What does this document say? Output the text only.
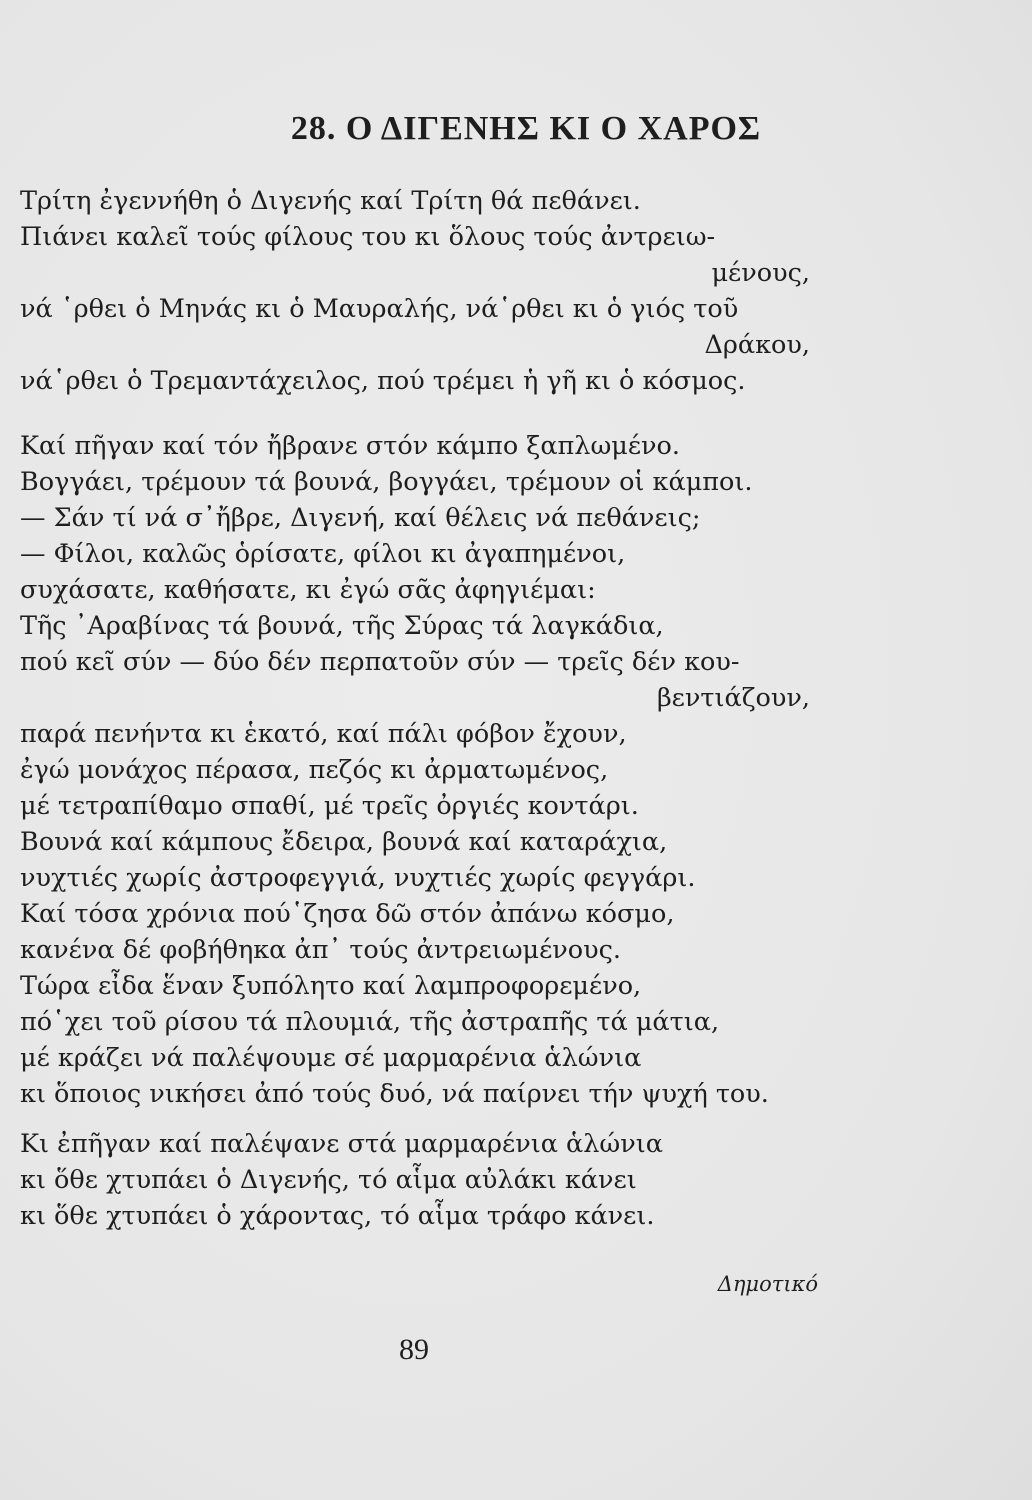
28. Ο ΔΙΓΕΝΗΣ ΚΙ Ο ΧΑΡΟΣ
Τρίτη ἐγεννήθη ὁ Διγενής καί Τρίτη θά πεθάνει.
Πιάνει καλεῖ τούς φίλους του κι ὅλους τούς ἀντρειω-
μένους,
νά ῾ρθει ὁ Μηνάς κι ὁ Μαυραλής, νά῾ρθει κι ὁ γιός τοῦ
Δράκου,
νά῾ρθει ὁ Τρεμαντάχειλος, πού τρέμει ἡ γῆ κι ὁ κόσμος.
Καί πῆγαν καί τόν ἤβρανε στόν κάμπο ξαπλωμένο.
Βογγάει, τρέμουν τά βουνά, βογγάει, τρέμουν οἱ κάμποι.
— Σάν τί νά σ᾿ἤβρε, Διγενή, καί θέλεις νά πεθάνεις;
— Φίλοι, καλῶς ὁρίσατε, φίλοι κι ἀγαπημένοι,
συχάσατε, καθήσατε, κι ἐγώ σᾶς ἀφηγιέμαι:
Τῆς ᾿Αραβίνας τά βουνά, τῆς Σύρας τά λαγκάδια,
πού κεῖ σύν — δύο δέν περπατοῦν σύν — τρεῖς δέν κου-
βεντιάζουν,
παρά πενήντα κι ἑκατό, καί πάλι φόβον ἔχουν,
ἐγώ μονάχος πέρασα, πεζός κι ἀρματωμένος,
μέ τετραπίθαμο σπαθί, μέ τρεῖς ὀργιές κοντάρι.
Βουνά καί κάμπους ἔδειρα, βουνά καί καταράχια,
νυχτιές χωρίς ἀστροφεγγιά, νυχτιές χωρίς φεγγάρι.
Καί τόσα χρόνια πού῾ζησα δῶ στόν ἀπάνω κόσμο,
κανένα δέ φοβήθηκα ἀπ᾿ τούς ἀντρειωμένους.
Τώρα εἶδα ἕναν ξυπόλητο καί λαμπροφορεμένο,
πό῾χει τοῦ ρίσου τά πλουμιά, τῆς ἀστραπῆς τά μάτια,
μέ κράζει νά παλέψουμε σέ μαρμαρένια ἁλώνια
κι ὅποιος νικήσει ἀπό τούς δυό, νά παίρνει τήν ψυχή του.
Κι ἐπῆγαν καί παλέψανε στά μαρμαρένια ἁλώνια
κι ὅθε χτυπάει ὁ Διγενής, τό αἷμα αὐλάκι κάνει
κι ὅθε χτυπάει ὁ χάροντας, τό αἷμα τράφο κάνει.
Δημοτικό
89
